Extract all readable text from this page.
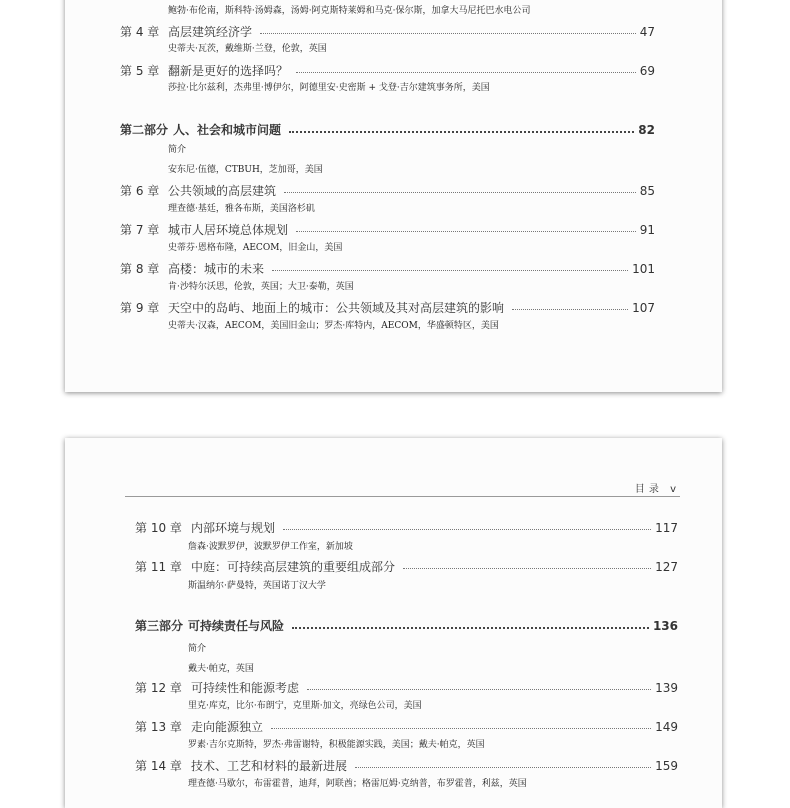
鲍勃·布伦南，斯科特·汤姆森，汤姆·阿克斯特莱姆和马克·保尔斯，加拿大马尼托巴水电公司
第 4 章 高层建筑经济学	47
史蒂夫·瓦茨，戴维斯·兰登，伦敦，英国
第 5 章 翻新是更好的选择吗？	69
莎拉·比尔兹利，杰弗里·博伊尔，阿德里安·史密斯 + 戈登·吉尔建筑事务所，美国
第二部分 人、社会和城市问题	82
简介
安东尼·伍德，CTBUH，芝加哥，美国
第 6 章 公共领域的高层建筑	85
理查德·基廷，雅各布斯，美国洛杉矶
第 7 章 城市人居环境总体规划	91
史蒂芬·恩格布隆，AECOM，旧金山，美国
第 8 章 高楼：城市的未来	101
肯·沙特尔沃思，伦敦，英国；大卫·泰勒，英国
第 9 章 天空中的岛屿、地面上的城市：公共领域及其对高层建筑的影响	107
史蒂夫·汉森，AECOM，美国旧金山；罗杰·库特内，AECOM，华盛顿特区，美国
目录 v
第 10 章 内部环境与规划	117
詹森·波默罗伊，波默罗伊工作室，新加坡
第 11 章 中庭：可持续高层建筑的重要组成部分	127
斯温纳尔·萨曼特，英国诺丁汉大学
第三部分 可持续责任与风险	136
简介
戴夫·帕克，英国
第 12 章 可持续性和能源考虑	139
里克·库克，比尔·布朗宁，克里斯·加文，亮绿色公司，美国
第 13 章 走向能源独立	149
罗素·吉尔克斯特，罗杰·弗雷谢特，积极能源实践，美国；戴夫·帕克，英国
第 14 章 技术、工艺和材料的最新进展	159
理查德·马歇尔，布雷霍普，迪拜，阿联酋；格雷厄姆·克纳普，布罗霍普，利兹，英国
